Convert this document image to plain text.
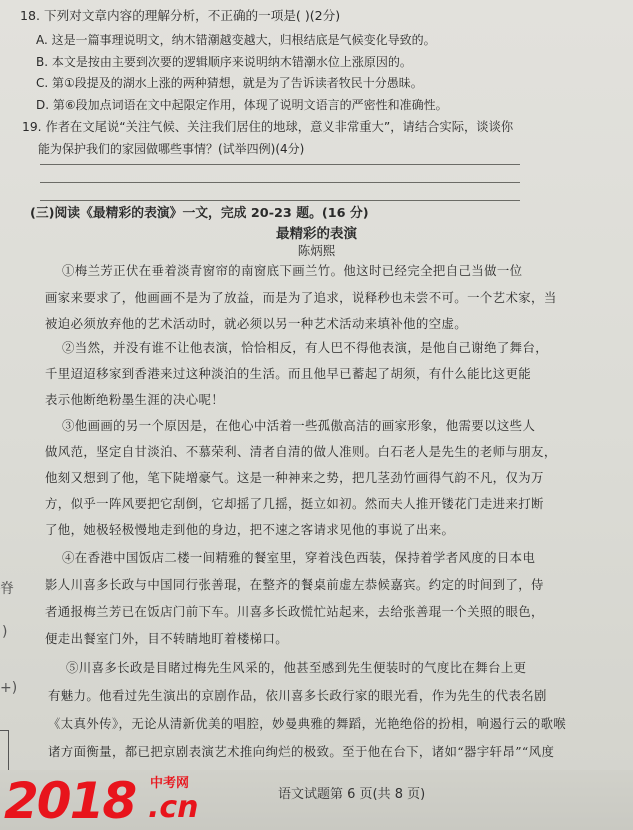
18. 下列对文章内容的理解分析，不正确的一项是( )(2分)
A. 这是一篇事理说明文，纳木错潮越变越大，归根结底是气候变化导致的。
B. 本文是按由主要到次要的逻辑顺序来说明纳木错潮水位上涨原因的。
C. 第①段提及的湖水上涨的两种猜想，就是为了告诉读者牧民十分愚昧。
D. 第⑥段加点词语在文中起限定作用，体现了说明文语言的严密性和准确性。
19. 作者在文尾说“关注气候、关注我们居住的地球，意义非常重大”，请结合实际，谈谈你
能为保护我们的家园做哪些事情？(试举四例)(4分)
(三)阅读《最精彩的表演》一文，完成 20-23 题。(16 分)
最精彩的表演
陈炳熙
①梅兰芳正伏在垂着淡青窗帘的南窗底下画兰竹。他这时已经完全把自己当做一位
画家来要求了，他画画不是为了放益，而是为了追求，说释秒也未尝不可。一个艺术家，当
被迫必须放弃他的艺术活动时，就必须以另一种艺术活动来填补他的空虚。
②当然，并没有谁不让他表演，恰恰相反，有人巴不得他表演，是他自己谢绝了舞台，
千里迢迢移家到香港来过这种淡泊的生活。而且他早已蓄起了胡须，有什么能比这更能
表示他断绝粉墨生涯的决心呢！
③他画画的另一个原因是，在他心中活着一些孤傲高洁的画家形象，他需要以这些人
做风范，坚定自甘淡泊、不慕荣利、清者自清的做人准则。白石老人是先生的老师与朋友，
他刻又想到了他，笔下陡增豪气。这是一种神来之势，把几茎劲竹画得气韵不凡，仅为万
方，似乎一阵风要把它刮倒，它却摇了几摇，挺立如初。然而夫人推开镂花门走进来打断
了他，她极轻极慢地走到他的身边，把不速之客请求见他的事说了出来。
④在香港中国饭店二楼一间精雅的餐室里，穿着浅色西装，保持着学者风度的日本电
影人川喜多长政与中国同行张善琨，在整齐的餐桌前虚左恭候嘉宾。约定的时间到了，侍
者通报梅兰芳已在饭店门前下车。川喜多长政慌忙站起来，去给张善琨一个关照的眼色，
便走出餐室门外，目不转睛地盯着楼梯口。
⑤川喜多长政是目睹过梅先生风采的，他甚至感到先生便装时的气度比在舞台上更
有魅力。他看过先生演出的京剧作品，依川喜多长政行家的眼光看，作为先生的代表名剧
《太真外传》，无论从清新优美的唱腔，妙曼典雅的舞蹈，光艳绝俗的扮相，响遏行云的歌喉
诸方面衡量，都已把京剧表演艺术推向绚烂的极致。至于他在台下，诸如“器宇轩昂”“风度
脊
)
+)
2018 中考网
.cn	语文试题第 6 页(共 8 页)
